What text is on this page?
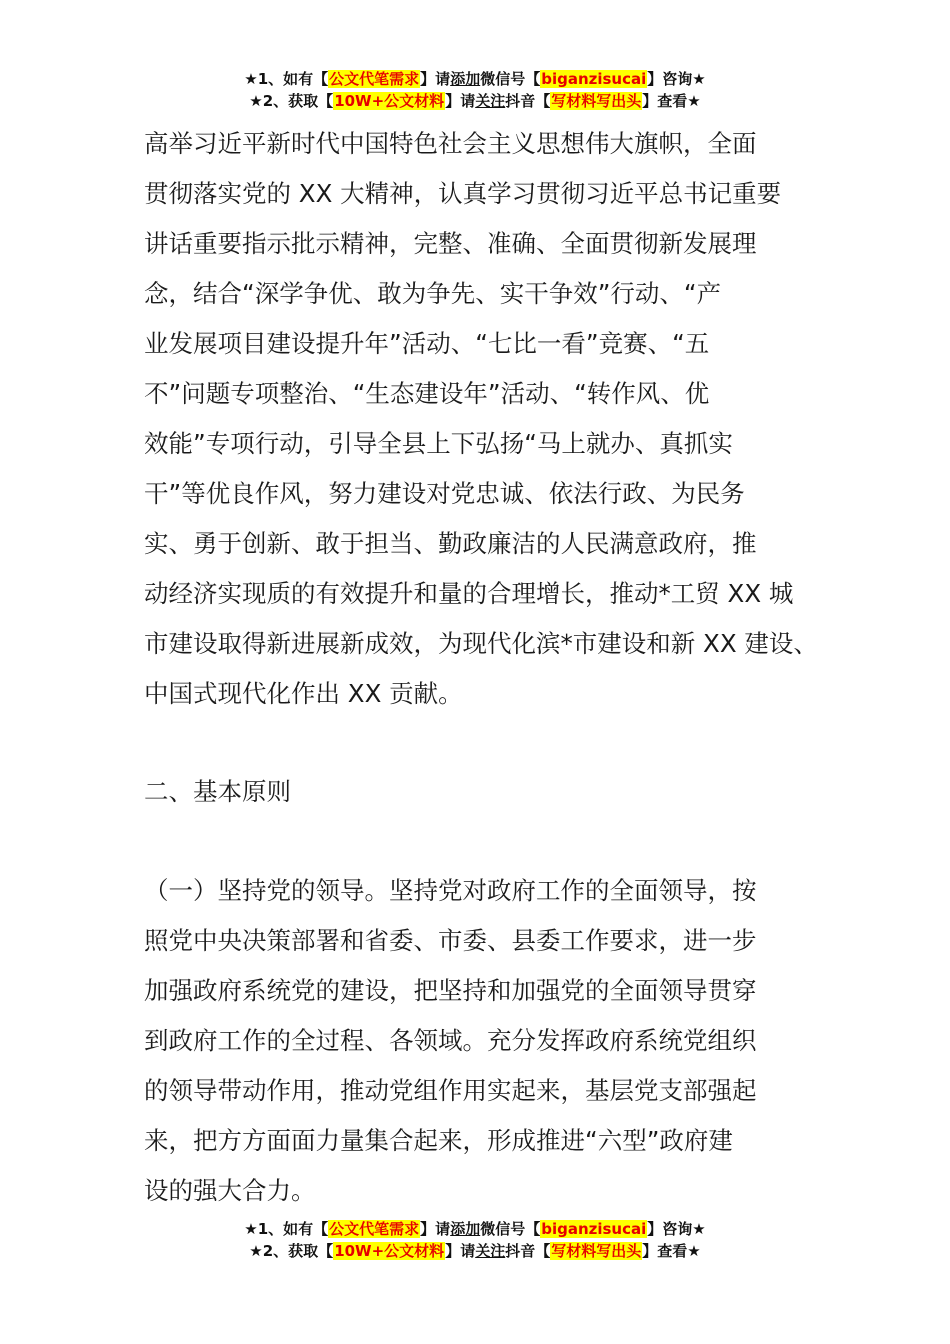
★1、如有【公文代笔需求】请添加微信号【biganzisucai】咨询★
★2、获取【10W+公文材料】请关注抖音【写材料写出头】查看★
高举习近平新时代中国特色社会主义思想伟大旗帜，全面
贯彻落实党的 XX 大精神，认真学习贯彻习近平总书记重要
讲话重要指示批示精神，完整、准确、全面贯彻新发展理
念，结合“深学争优、敢为争先、实干争效”行动、“产
业发展项目建设提升年”活动、“七比一看”竞赛、“五
不”问题专项整治、“生态建设年”活动、“转作风、优
效能”专项行动，引导全县上下弘扬“马上就办、真抓实
干”等优良作风，努力建设对党忠诚、依法行政、为民务
实、勇于创新、敢于担当、勤政廉洁的人民满意政府，推
动经济实现质的有效提升和量的合理增长，推动*工贸 XX 城
市建设取得新进展新成效，为现代化滨*市建设和新 XX 建设、
中国式现代化作出 XX 贡献。
二、基本原则
（一）坚持党的领导。坚持党对政府工作的全面领导，按
照党中央决策部署和省委、市委、县委工作要求，进一步
加强政府系统党的建设，把坚持和加强党的全面领导贯穿
到政府工作的全过程、各领域。充分发挥政府系统党组织
的领导带动作用，推动党组作用实起来，基层党支部强起
来，把方方面面力量集合起来，形成推进“六型”政府建
设的强大合力。
★1、如有【公文代笔需求】请添加微信号【biganzisucai】咨询★
★2、获取【10W+公文材料】请关注抖音【写材料写出头】查看★
